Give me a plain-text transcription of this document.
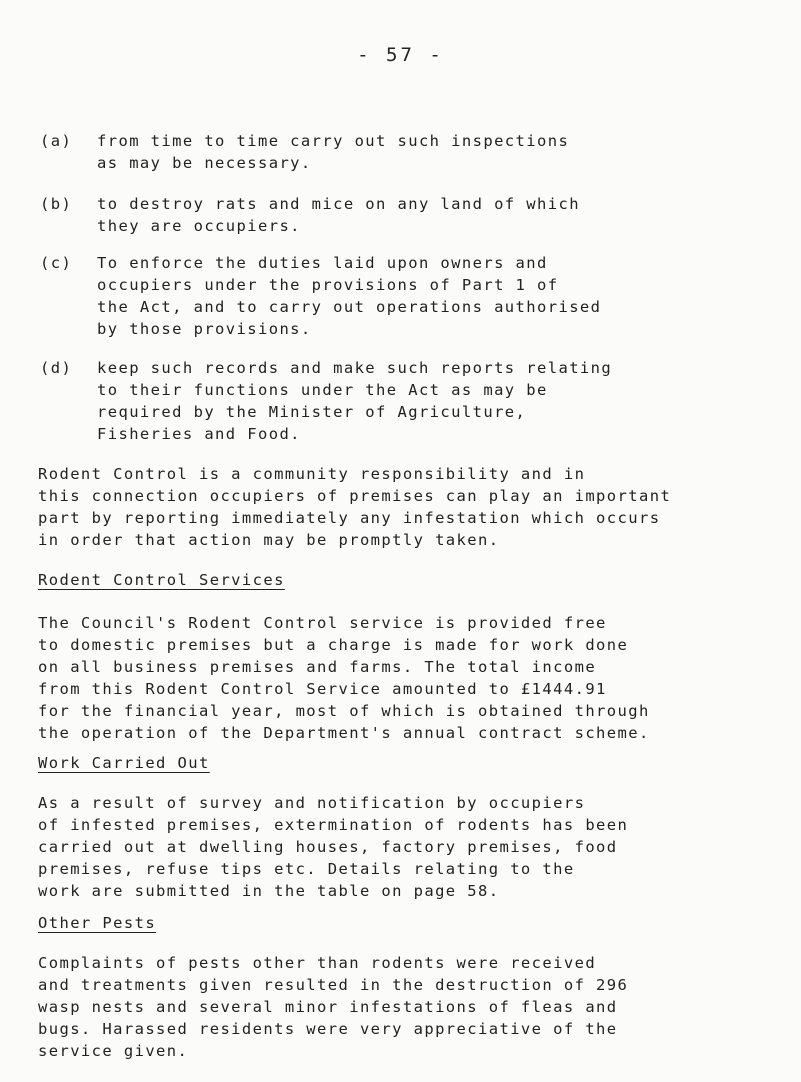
- 57 -
(a) from time to time carry out such inspections
as may be necessary.
(b) to destroy rats and mice on any land of which
they are occupiers.
(c) To enforce the duties laid upon owners and
occupiers under the provisions of Part 1 of
the Act, and to carry out operations authorised
by those provisions.
(d) keep such records and make such reports relating
to their functions under the Act as may be
required by the Minister of Agriculture,
Fisheries and Food.
Rodent Control is a community responsibility and in
this connection occupiers of premises can play an important
part by reporting immediately any infestation which occurs
in order that action may be promptly taken.
Rodent Control Services
The Council's Rodent Control service is provided free
to domestic premises but a charge is made for work done
on all business premises and farms. The total income
from this Rodent Control Service amounted to £1444.91
for the financial year, most of which is obtained through
the operation of the Department's annual contract scheme.
Work Carried Out
As a result of survey and notification by occupiers
of infested premises, extermination of rodents has been
carried out at dwelling houses, factory premises, food
premises, refuse tips etc. Details relating to the
work are submitted in the table on page 58.
Other Pests
Complaints of pests other than rodents were received
and treatments given resulted in the destruction of 296
wasp nests and several minor infestations of fleas and
bugs. Harassed residents were very appreciative of the
service given.
